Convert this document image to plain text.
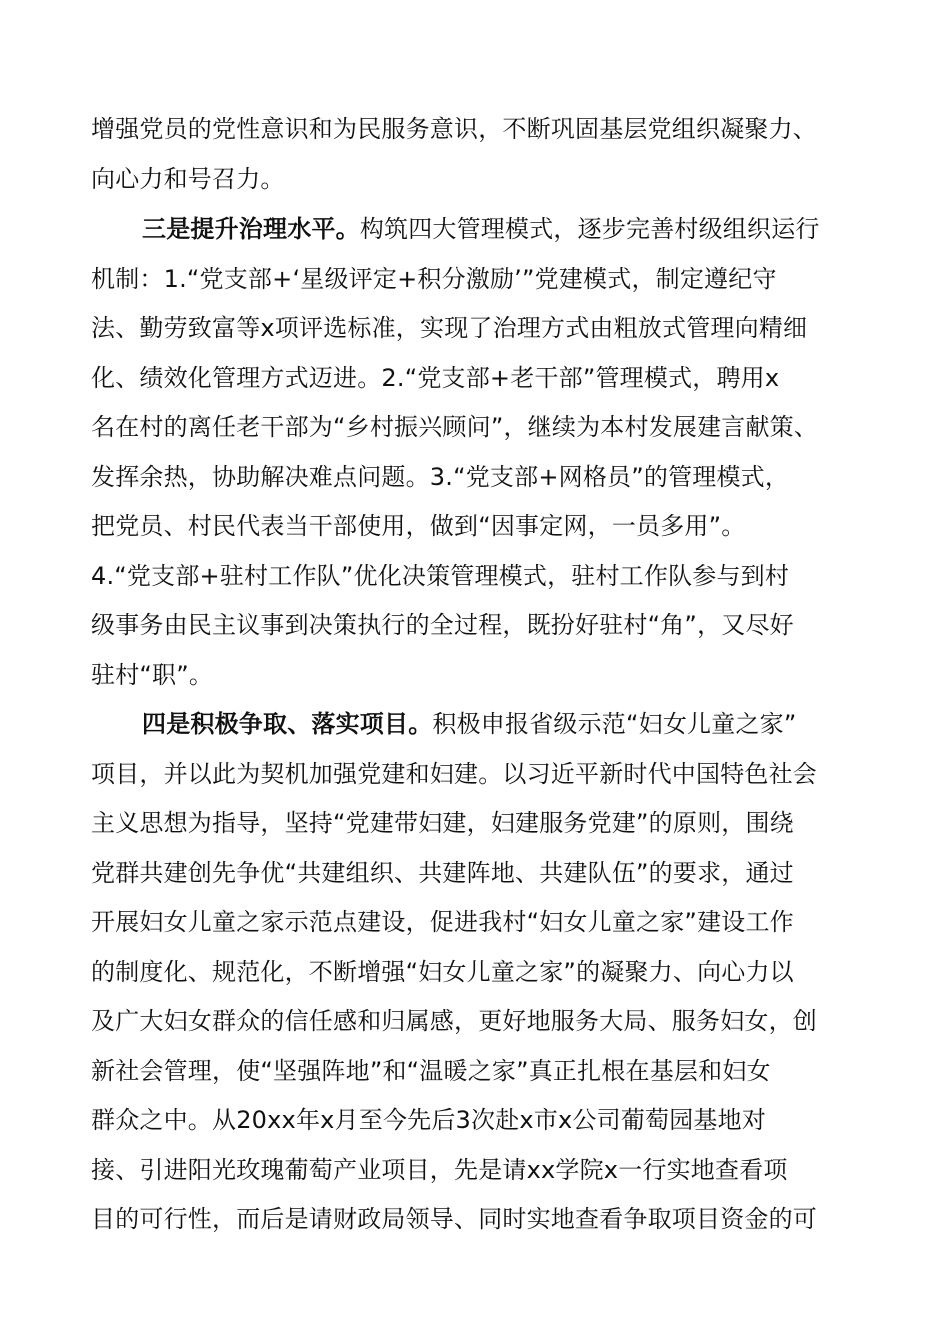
增强党员的党性意识和为民服务意识，不断巩固基层党组织凝聚力、
向心力和号召力。
三是提升治理水平。构筑四大管理模式，逐步完善村级组织运行
机制：1.“党支部+‘星级评定+积分激励’”党建模式，制定遵纪守
法、勤劳致富等x项评选标准，实现了治理方式由粗放式管理向精细
化、绩效化管理方式迈进。2.“党支部+老干部”管理模式，聘用x
名在村的离任老干部为“乡村振兴顾问”，继续为本村发展建言献策、
发挥余热，协助解决难点问题。3.“党支部+网格员”的管理模式，
把党员、村民代表当干部使用，做到“因事定网，一员多用”。
4.“党支部+驻村工作队”优化决策管理模式，驻村工作队参与到村
级事务由民主议事到决策执行的全过程，既扮好驻村“角”，又尽好
驻村“职”。
四是积极争取、落实项目。积极申报省级示范“妇女儿童之家”
项目，并以此为契机加强党建和妇建。以习近平新时代中国特色社会
主义思想为指导，坚持“党建带妇建，妇建服务党建”的原则，围绕
党群共建创先争优“共建组织、共建阵地、共建队伍”的要求，通过
开展妇女儿童之家示范点建设，促进我村“妇女儿童之家”建设工作
的制度化、规范化，不断增强“妇女儿童之家”的凝聚力、向心力以
及广大妇女群众的信任感和归属感，更好地服务大局、服务妇女，创
新社会管理，使“坚强阵地”和“温暖之家”真正扎根在基层和妇女
群众之中。从20xx年x月至今先后3次赴x市x公司葡萄园基地对
接、引进阳光玫瑰葡萄产业项目，先是请xx学院x一行实地查看项
目的可行性，而后是请财政局领导、同时实地查看争取项目资金的可
